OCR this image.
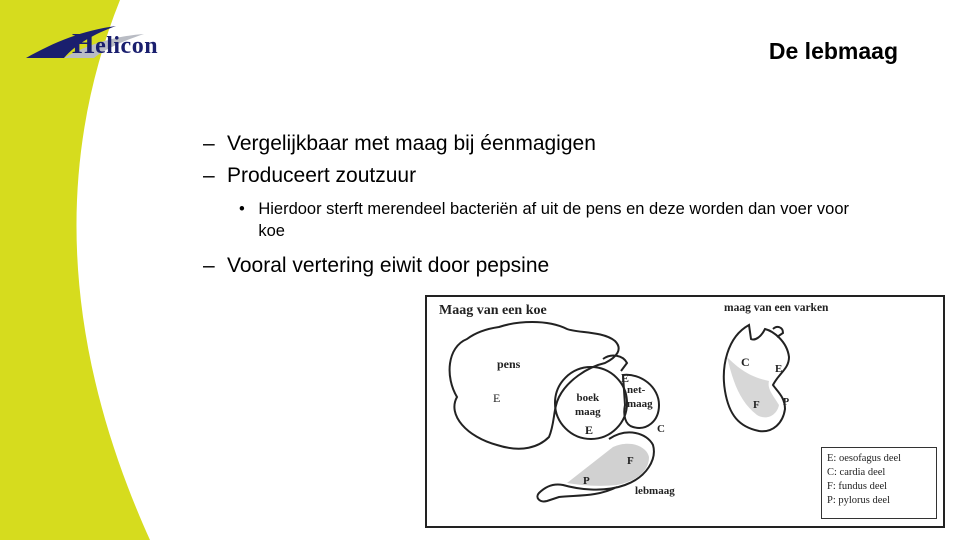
Helicon	De lebmaag
– Vergelijkbaar met maag bij éenmagigen
– Produceert zoutzuur
• Hierdoor sterft merendeel bacteriën af uit de pens en deze worden dan voer voor koe
– Vooral vertering eiwit door pepsine
Maag van een koe	maag van een varken
pens
E
E
boek
maag
net-
maag
E	C
F
P
lebmaag
C E
F P
E: oesofagus deel
C: cardia deel
F: fundus deel
P: pylorus deel
